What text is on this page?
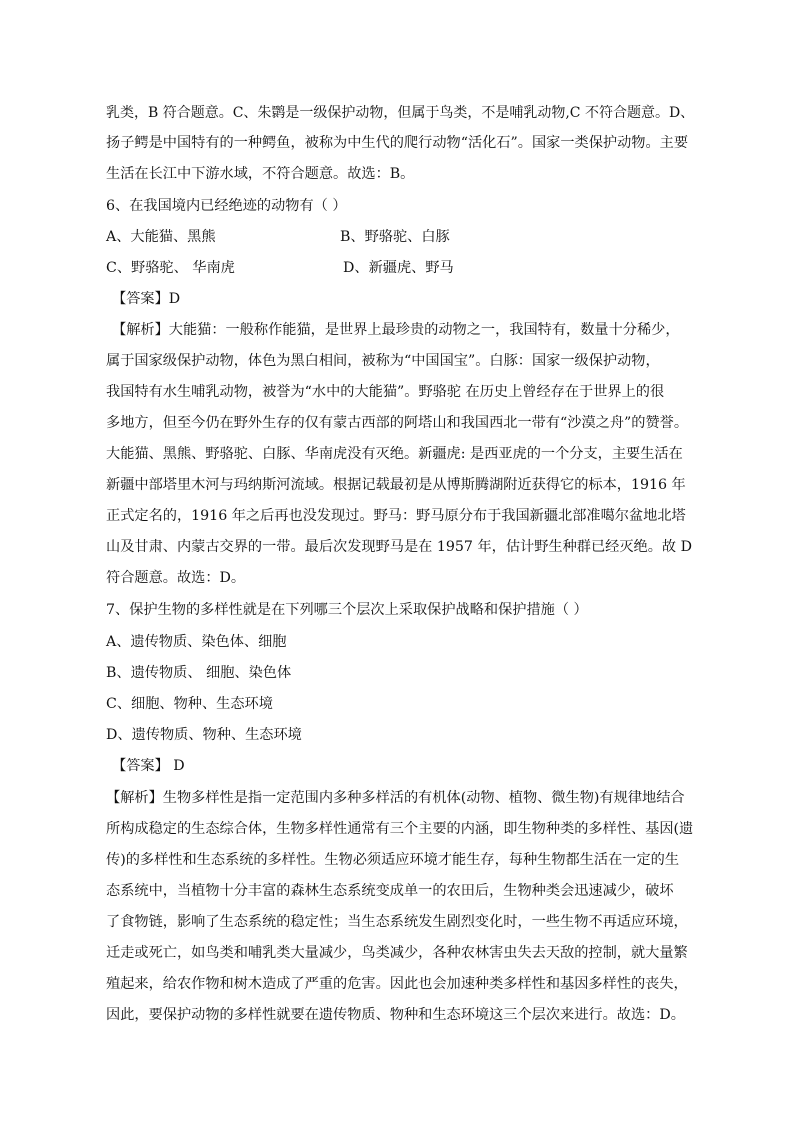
乳类，B 符合题意。C、朱鹮是一级保护动物，但属于鸟类，不是哺乳动物,C 不符合题意。D、
扬子鳄是中国特有的一种鳄鱼，被称为中生代的爬行动物“活化石”。国家一类保护动物。主要
生活在长江中下游水域，不符合题意。故选：B。
6、在我国境内已经绝迹的动物有（ ）
A、大能猫、黑熊	B、野骆驼、白豚
C、野骆驼、 华南虎	D、新疆虎、野马
【答案】D
【解析】大能猫：一般称作能猫，是世界上最珍贵的动物之一，我国特有，数量十分稀少，
属于国家级保护动物，体色为黑白相间，被称为“中国国宝”。白豚：国家一级保护动物，
我国特有水生哺乳动物，被誉为“水中的大能猫”。野骆驼 在历史上曾经存在于世界上的很
多地方，但至今仍在野外生存的仅有蒙古西部的阿塔山和我国西北一带有“沙漠之舟”的赞誉。
大能猫、黑熊、野骆驼、白豚、华南虎没有灭绝。新疆虎: 是西亚虎的一个分支，主要生活在
新疆中部塔里木河与玛纳斯河流域。根据记载最初是从博斯腾湖附近获得它的标本，1916 年
正式定名的，1916 年之后再也没发现过。野马：野马原分布于我国新疆北部准噶尔盆地北塔
山及甘肃、内蒙古交界的一带。最后次发现野马是在 1957 年，估计野生种群已经灭绝。故 D
符合题意。故选：D。
7、保护生物的多样性就是在下列哪三个层次上采取保护战略和保护措施（ ）
A、遗传物质、染色体、细胞
B、遗传物质、 细胞、染色体
C、细胞、物种、生态环境
D、遗传物质、物种、生态环境
【答案】 D
【解析】生物多样性是指一定范围内多种多样活的有机体(动物、植物、微生物)有规律地结合
所构成稳定的生态综合体，生物多样性通常有三个主要的内涵，即生物种类的多样性、基因(遗
传)的多样性和生态系统的多样性。生物必须适应环境才能生存，每种生物都生活在一定的生
态系统中，当植物十分丰富的森林生态系统变成单一的农田后，生物种类会迅速减少，破坏
了食物链，影响了生态系统的稳定性；当生态系统发生剧烈变化时，一些生物不再适应环境，
迁走或死亡，如鸟类和哺乳类大量减少，鸟类减少，各种农林害虫失去天敌的控制，就大量繁
殖起来，给农作物和树木造成了严重的危害。因此也会加速种类多样性和基因多样性的丧失，
因此，要保护动物的多样性就要在遗传物质、物种和生态环境这三个层次来进行。故选：D。
